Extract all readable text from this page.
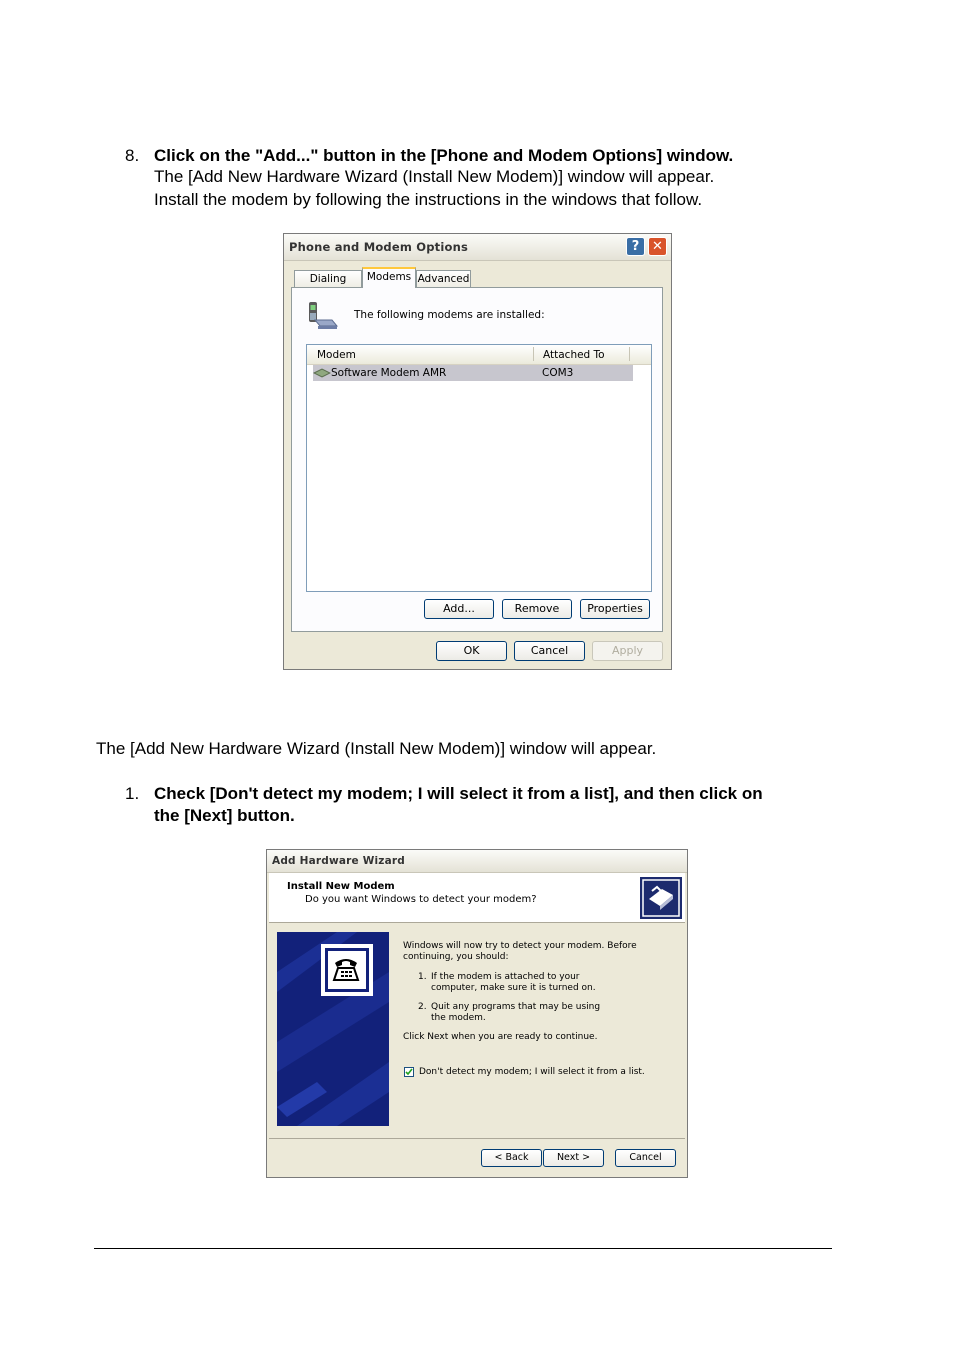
8. Click on the "Add..." button in the [Phone and Modem Options] window.
The [Add New Hardware Wizard (Install New Modem)] window will appear.
Install the modem by following the instructions in the windows that follow.
Phone and Modem Options	? ✕
Dialing	Modems Advanced
The following modems are installed:
Modem	Attached To
Software Modem AMR	COM3
Add...	Remove	Properties
OK	Cancel	Apply
The [Add New Hardware Wizard (Install New Modem)] window will appear.
1. Check [Don't detect my modem; I will select it from a list], and then click on
the [Next] button.
Add Hardware Wizard
Install New Modem
Do you want Windows to detect your modem?
Windows will now try to detect your modem. Before
continuing, you should:
1. If the modem is attached to your
computer, make sure it is turned on.
2. Quit any programs that may be using
the modem.
Click Next when you are ready to continue.
Don't detect my modem; I will select it from a list.
< Back	Next >	Cancel
